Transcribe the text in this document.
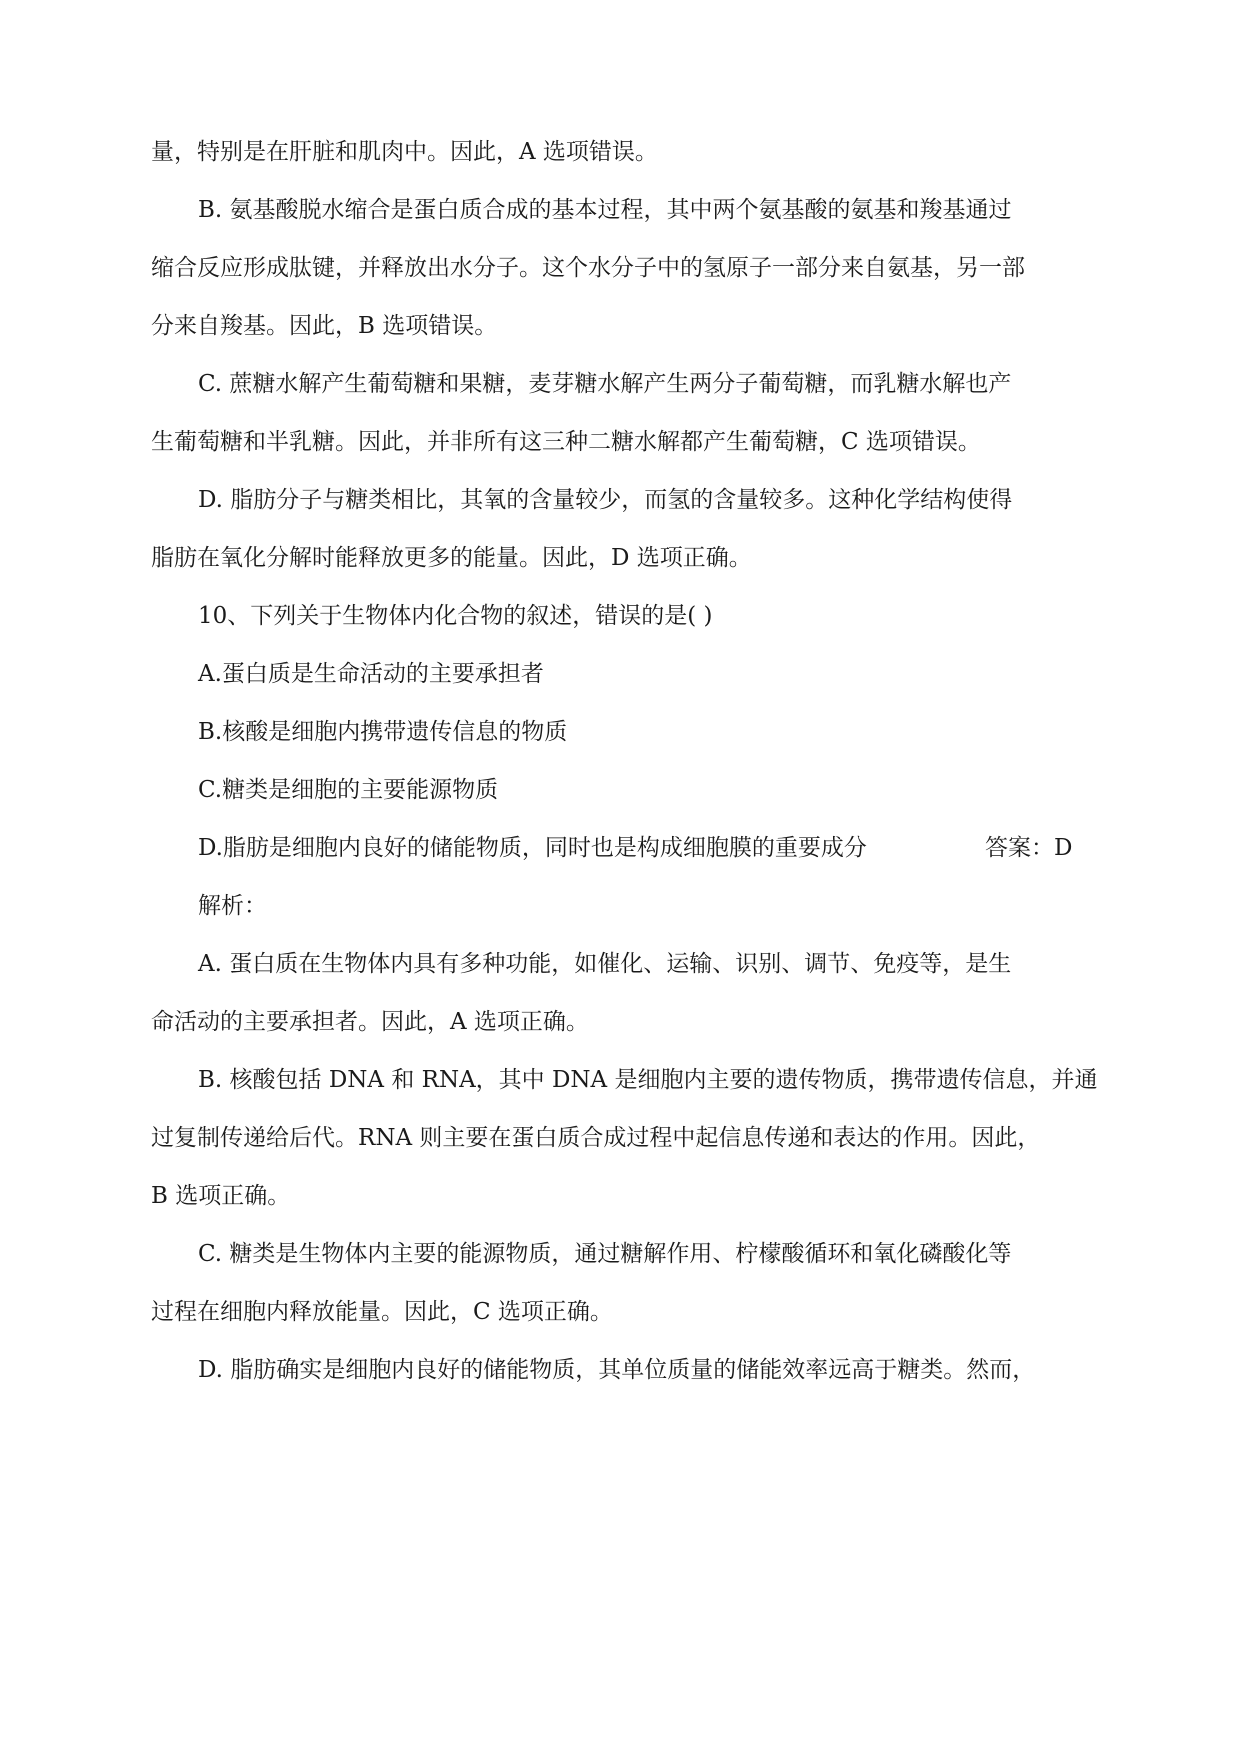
量，特别是在肝脏和肌肉中。因此，A 选项错误。
B. 氨基酸脱水缩合是蛋白质合成的基本过程，其中两个氨基酸的氨基和羧基通过
缩合反应形成肽键，并释放出水分子。这个水分子中的氢原子一部分来自氨基，另一部
分来自羧基。因此，B 选项错误。
C. 蔗糖水解产生葡萄糖和果糖，麦芽糖水解产生两分子葡萄糖，而乳糖水解也产
生葡萄糖和半乳糖。因此，并非所有这三种二糖水解都产生葡萄糖，C 选项错误。
D. 脂肪分子与糖类相比，其氧的含量较少，而氢的含量较多。这种化学结构使得
脂肪在氧化分解时能释放更多的能量。因此，D 选项正确。
10、下列关于生物体内化合物的叙述，错误的是( )
A.蛋白质是生命活动的主要承担者
B.核酸是细胞内携带遗传信息的物质
C.糖类是细胞的主要能源物质
D.脂肪是细胞内良好的储能物质，同时也是构成细胞膜的重要成分	答案：D
解析：
A. 蛋白质在生物体内具有多种功能，如催化、运输、识别、调节、免疫等，是生
命活动的主要承担者。因此，A 选项正确。
B. 核酸包括 DNA 和 RNA，其中 DNA 是细胞内主要的遗传物质，携带遗传信息，并通
过复制传递给后代。RNA 则主要在蛋白质合成过程中起信息传递和表达的作用。因此，
B 选项正确。
C. 糖类是生物体内主要的能源物质，通过糖解作用、柠檬酸循环和氧化磷酸化等
过程在细胞内释放能量。因此，C 选项正确。
D. 脂肪确实是细胞内良好的储能物质，其单位质量的储能效率远高于糖类。然而，
